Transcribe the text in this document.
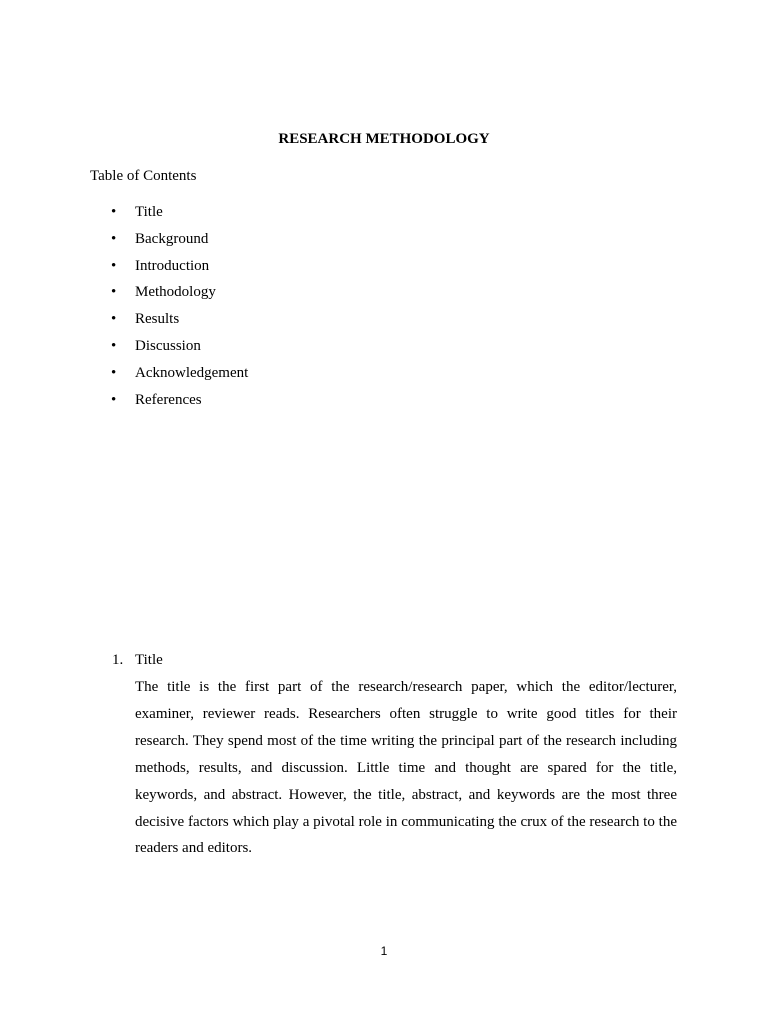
RESEARCH METHODOLOGY
Table of Contents
• Title
• Background
• Introduction
• Methodology
• Results
• Discussion
• Acknowledgement
• References
1. Title

The title is the first part of the research/research paper, which the editor/lecturer, examiner, reviewer reads. Researchers often struggle to write good titles for their research. They spend most of the time writing the principal part of the research including methods, results, and discussion. Little time and thought are spared for the title, keywords, and abstract. However, the title, abstract, and keywords are the most three decisive factors which play a pivotal role in communicating the crux of the research to the readers and editors.

1
